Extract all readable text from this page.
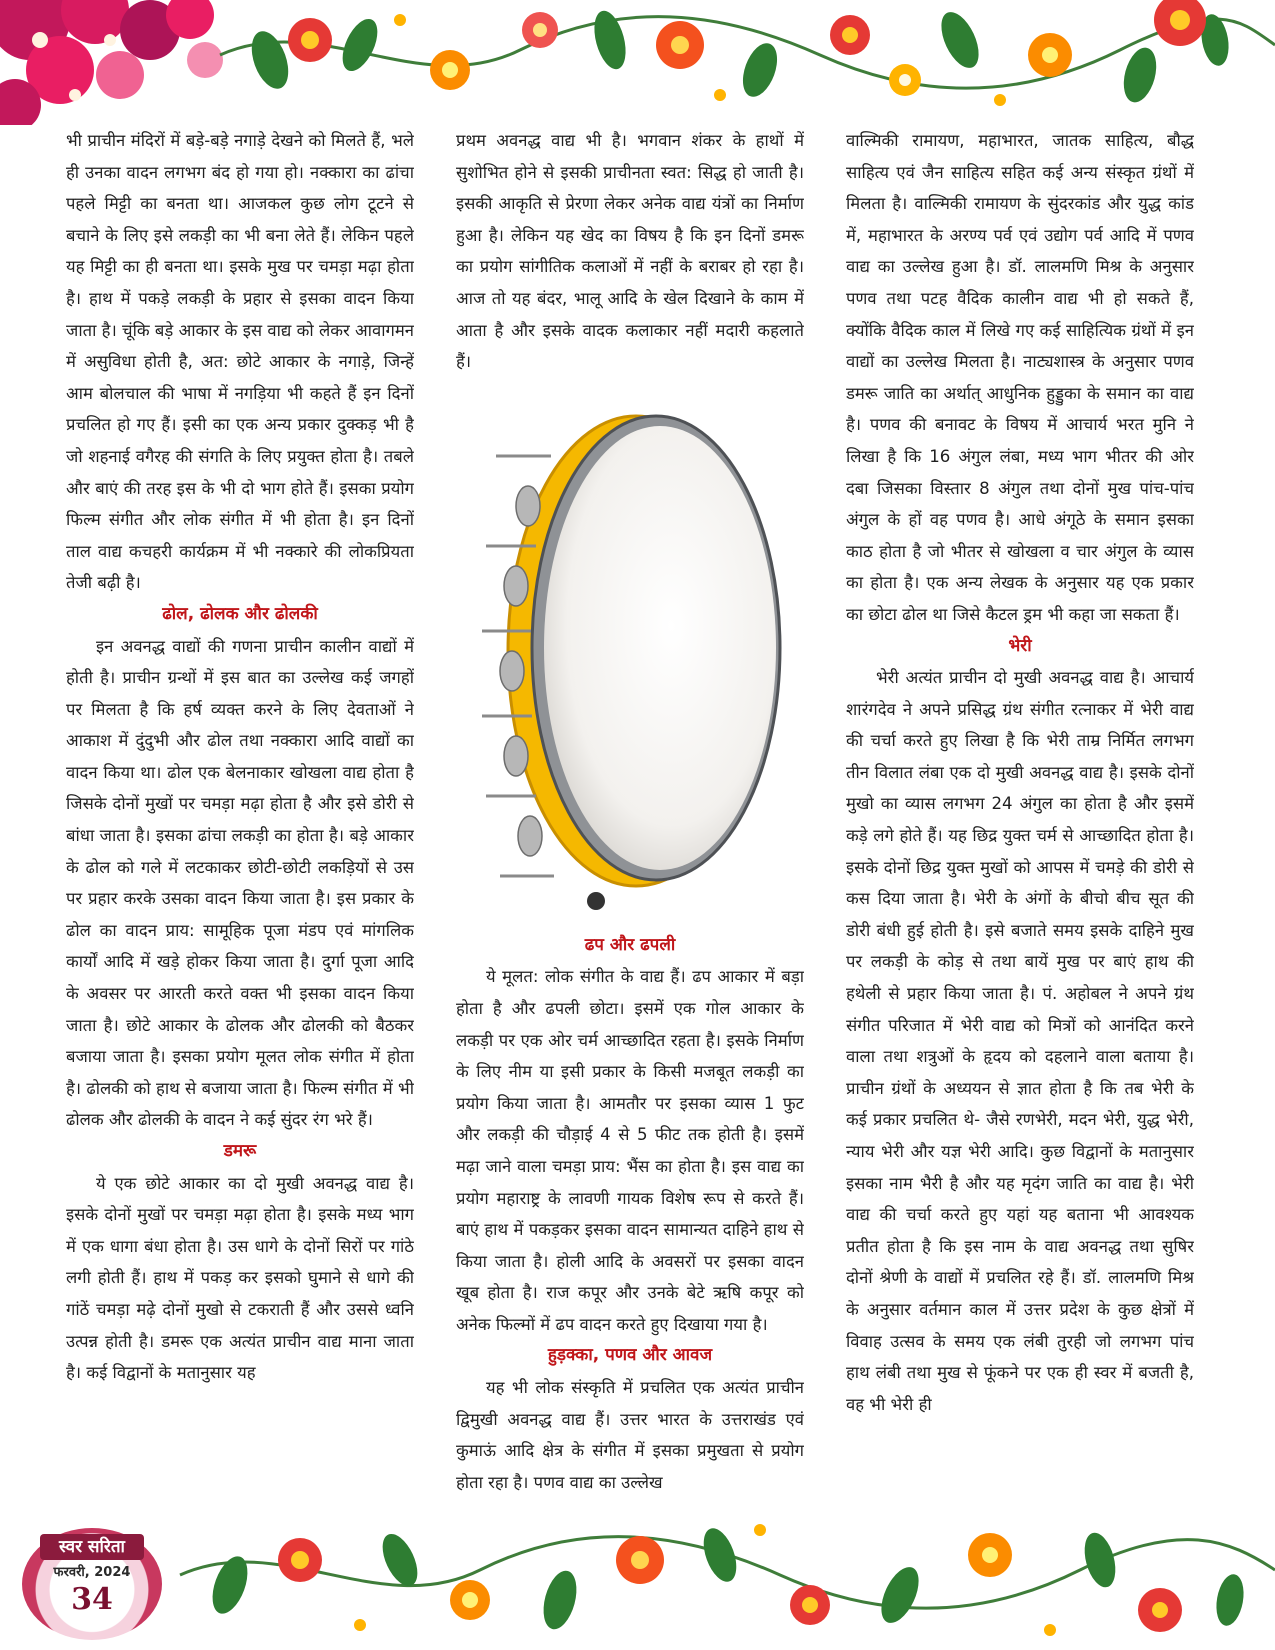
भी प्राचीन मंदिरों में बड़े-बड़े नगाड़े देखने को मिलते हैं, भले ही उनका वादन लगभग बंद हो गया हो। नक्कारा का ढांचा पहले मिट्टी का बनता था। आजकल कुछ लोग टूटने से बचाने के लिए इसे लकड़ी का भी बना लेते हैं। लेकिन पहले यह मिट्टी का ही बनता था। इसके मुख पर चमड़ा मढ़ा होता है। हाथ में पकड़े लकड़ी के प्रहार से इसका वादन किया जाता है। चूंकि बड़े आकार के इस वाद्य को लेकर आवागमन में असुविधा होती है, अत: छोटे आकार के नगाड़े, जिन्हें आम बोलचाल की भाषा में नगड़िया भी कहते हैं इन दिनों प्रचलित हो गए हैं। इसी का एक अन्य प्रकार दुक्कड़ भी है जो शहनाई वगैरह की संगति के लिए प्रयुक्त होता है। तबले और बाएं की तरह इस के भी दो भाग होते हैं। इसका प्रयोग फिल्म संगीत और लोक संगीत में भी होता है। इन दिनों ताल वाद्य कचहरी कार्यक्रम में भी नक्कारे की लोकप्रियता तेजी बढ़ी है।

ढोल, ढोलक और ढोलकी

इन अवनद्ध वाद्यों की गणना प्राचीन कालीन वाद्यों में होती है। प्राचीन ग्रन्थों में इस बात का उल्लेख कई जगहों पर मिलता है कि हर्ष व्यक्त करने के लिए देवताओं ने आकाश में दुंदुभी और ढोल तथा नक्कारा आदि वाद्यों का वादन किया था। ढोल एक बेलनाकार खोखला वाद्य होता है जिसके दोनों मुखों पर चमड़ा मढ़ा होता है और इसे डोरी से बांधा जाता है। इसका ढांचा लकड़ी का होता है। बड़े आकार के ढोल को गले में लटकाकर छोटी-छोटी लकड़ियों से उस पर प्रहार करके उसका वादन किया जाता है। इस प्रकार के ढोल का वादन प्राय: सामूहिक पूजा मंडप एवं मांगलिक कार्यों आदि में खड़े होकर किया जाता है। दुर्गा पूजा आदि के अवसर पर आरती करते वक्त भी इसका वादन किया जाता है। छोटे आकार के ढोलक और ढोलकी को बैठकर बजाया जाता है। इसका प्रयोग मूलत लोक संगीत में होता है। ढोलकी को हाथ से बजाया जाता है। फिल्म संगीत में भी ढोलक और ढोलकी के वादन ने कई सुंदर रंग भरे हैं।

डमरू

ये एक छोटे आकार का दो मुखी अवनद्ध वाद्य है। इसके दोनों मुखों पर चमड़ा मढ़ा होता है। इसके मध्य भाग में एक धागा बंधा होता है। उस धागे के दोनों सिरों पर गांठे लगी होती हैं। हाथ में पकड़ कर इसको घुमाने से धागे की गांठें चमड़ा मढ़े दोनों मुखो से टकराती हैं और उससे ध्वनि उत्पन्न होती है। डमरू एक अत्यंत प्राचीन वाद्य माना जाता है। कई विद्वानों के मतानुसार यह

प्रथम अवनद्ध वाद्य भी है। भगवान शंकर के हाथों में सुशोभित होने से इसकी प्राचीनता स्वत: सिद्ध हो जाती है। इसकी आकृति से प्रेरणा लेकर अनेक वाद्य यंत्रों का निर्माण हुआ है। लेकिन यह खेद का विषय है कि इन दिनों डमरू का प्रयोग सांगीतिक कलाओं में नहीं के बराबर हो रहा है। आज तो यह बंदर, भालू आदि के खेल दिखाने के काम में आता है और इसके वादक कलाकार नहीं मदारी कहलाते हैं।

ढप और ढपली

ये मूलत: लोक संगीत के वाद्य हैं। ढप आकार में बड़ा होता है और ढपली छोटा। इसमें एक गोल आकार के लकड़ी पर एक ओर चर्म आच्छादित रहता है। इसके निर्माण के लिए नीम या इसी प्रकार के किसी मजबूत लकड़ी का प्रयोग किया जाता है। आमतौर पर इसका व्यास 1 फुट और लकड़ी की चौड़ाई 4 से 5 फीट तक होती है। इसमें मढ़ा जाने वाला चमड़ा प्राय: भैंस का होता है। इस वाद्य का प्रयोग महाराष्ट्र के लावणी गायक विशेष रूप से करते हैं। बाएं हाथ में पकड़कर इसका वादन सामान्यत दाहिने हाथ से किया जाता है। होली आदि के अवसरों पर इसका वादन खूब होता है। राज कपूर और उनके बेटे ऋषि कपूर को अनेक फिल्मों में ढप वादन करते हुए दिखाया गया है।

हुड़क्का, पणव और आवज

यह भी लोक संस्कृति में प्रचलित एक अत्यंत प्राचीन द्विमुखी अवनद्ध वाद्य हैं। उत्तर भारत के उत्तराखंड एवं कुमाऊं आदि क्षेत्र के संगीत में इसका प्रमुखता से प्रयोग होता रहा है। पणव वाद्य का उल्लेख

वाल्मिकी रामायण, महाभारत, जातक साहित्य, बौद्ध साहित्य एवं जैन साहित्य सहित कई अन्य संस्कृत ग्रंथों में मिलता है। वाल्मिकी रामायण के सुंदरकांड और युद्ध कांड में, महाभारत के अरण्य पर्व एवं उद्योग पर्व आदि में पणव वाद्य का उल्लेख हुआ है। डॉ. लालमणि मिश्र के अनुसार पणव तथा पटह वैदिक कालीन वाद्य भी हो सकते हैं, क्योंकि वैदिक काल में लिखे गए कई साहित्यिक ग्रंथों में इन वाद्यों का उल्लेख मिलता है। नाट्यशास्त्र के अनुसार पणव डमरू जाति का अर्थात् आधुनिक हुड्डुका के समान का वाद्य है। पणव की बनावट के विषय में आचार्य भरत मुनि ने लिखा है कि 16 अंगुल लंबा, मध्य भाग भीतर की ओर दबा जिसका विस्तार 8 अंगुल तथा दोनों मुख पांच-पांच अंगुल के हों वह पणव है। आधे अंगूठे के समान इसका काठ होता है जो भीतर से खोखला व चार अंगुल के व्यास का होता है। एक अन्य लेखक के अनुसार यह एक प्रकार का छोटा ढोल था जिसे कैटल ड्रम भी कहा जा सकता हैं।

भेरी

भेरी अत्यंत प्राचीन दो मुखी अवनद्ध वाद्य है। आचार्य शारंगदेव ने अपने प्रसिद्ध ग्रंथ संगीत रत्नाकर में भेरी वाद्य की चर्चा करते हुए लिखा है कि भेरी ताम्र निर्मित लगभग तीन विलात लंबा एक दो मुखी अवनद्ध वाद्य है। इसके दोनों मुखो का व्यास लगभग 24 अंगुल का होता है और इसमें कड़े लगे होते हैं। यह छिद्र युक्त चर्म से आच्छादित होता है। इसके दोनों छिद्र युक्त मुखों को आपस में चमड़े की डोरी से कस दिया जाता है। भेरी के अंगों के बीचो बीच सूत की डोरी बंधी हुई होती है। इसे बजाते समय इसके दाहिने मुख पर लकड़ी के कोड़ से तथा बायें मुख पर बाएं हाथ की हथेली से प्रहार किया जाता है। पं. अहोबल ने अपने ग्रंथ संगीत परिजात में भेरी वाद्य को मित्रों को आनंदित करने वाला तथा शत्रुओं के हृदय को दहलाने वाला बताया है। प्राचीन ग्रंथों के अध्ययन से ज्ञात होता है कि तब भेरी के कई प्रकार प्रचलित थे- जैसे रणभेरी, मदन भेरी, युद्ध भेरी, न्याय भेरी और यज्ञ भेरी आदि। कुछ विद्वानों के मतानुसार इसका नाम भैरी है और यह मृदंग जाति का वाद्य है। भेरी वाद्य की चर्चा करते हुए यहां यह बताना भी आवश्यक प्रतीत होता है कि इस नाम के वाद्य अवनद्ध तथा सुषिर दोनों श्रेणी के वाद्यों में प्रचलित रहे हैं। डॉ. लालमणि मिश्र के अनुसार वर्तमान काल में उत्तर प्रदेश के कुछ क्षेत्रों में विवाह उत्सव के समय एक लंबी तुरही जो लगभग पांच हाथ लंबी तथा मुख से फूंकने पर एक ही स्वर में बजती है, वह भी भेरी ही

स्वर सरिता
फरवरी, 2024
34
